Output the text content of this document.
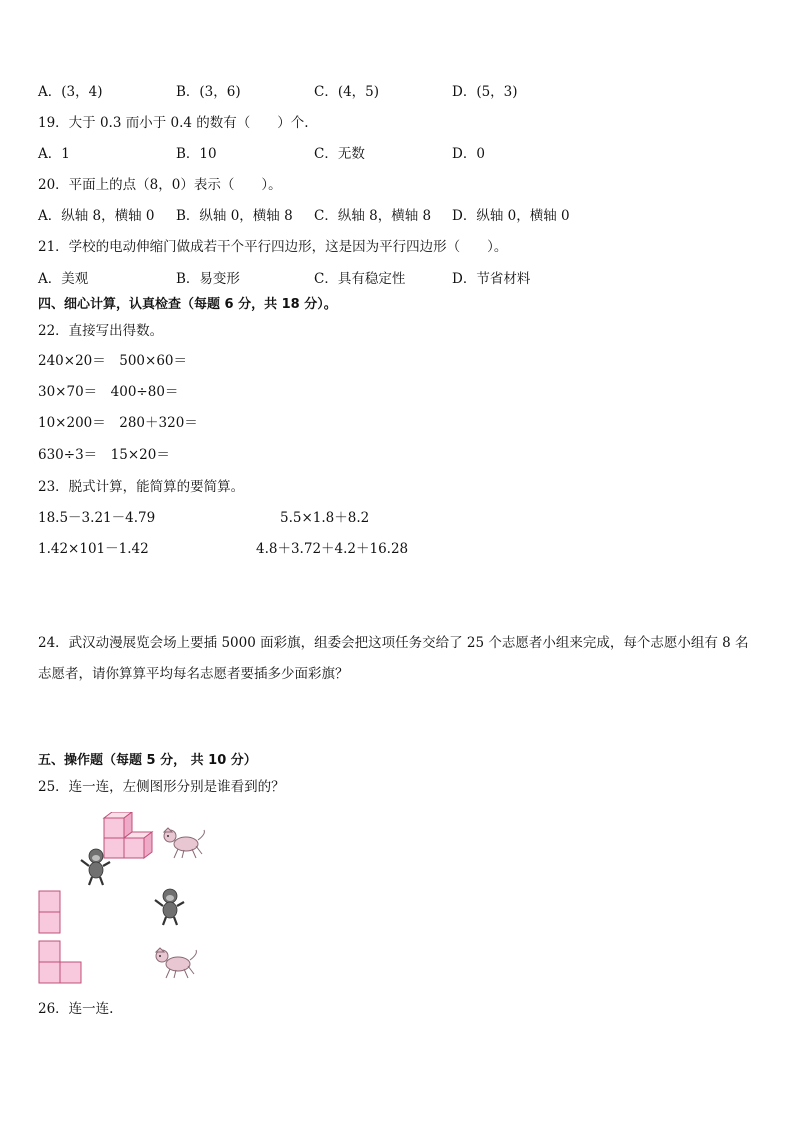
A．(3，4)	B．(3，6)	C．(4，5)	D．(5，3)
19．大于 0.3 而小于 0.4 的数有（　　）个.
A．1	B．10	C．无数	D．0
20．平面上的点（8，0）表示（　　）。
A．纵轴 8，横轴 0 B．纵轴 0，横轴 8 C．纵轴 8，横轴 8 D．纵轴 0，横轴 0
21．学校的电动伸缩门做成若干个平行四边形，这是因为平行四边形（　　）。
A．美观	B．易变形	C．具有稳定性	D．节省材料
四、细心计算，认真检查（每题 6 分，共 18 分）。
22．直接写出得数。
240×20＝　500×60＝
30×70＝　400÷80＝
10×200＝　280＋320＝
630÷3＝　15×20＝
23．脱式计算，能简算的要简算。
18.5－3.21－4.79	5.5×1.8＋8.2
1.42×101－1.42	4.8＋3.72＋4.2＋16.28
24．武汉动漫展览会场上要插 5000 面彩旗，组委会把这项任务交给了 25 个志愿者小组来完成，每个志愿小组有 8 名
志愿者，请你算算平均每名志愿者要插多少面彩旗？
五、操作题（每题 5 分， 共 10 分）
25．连一连，左侧图形分别是谁看到的？
26．连一连.
